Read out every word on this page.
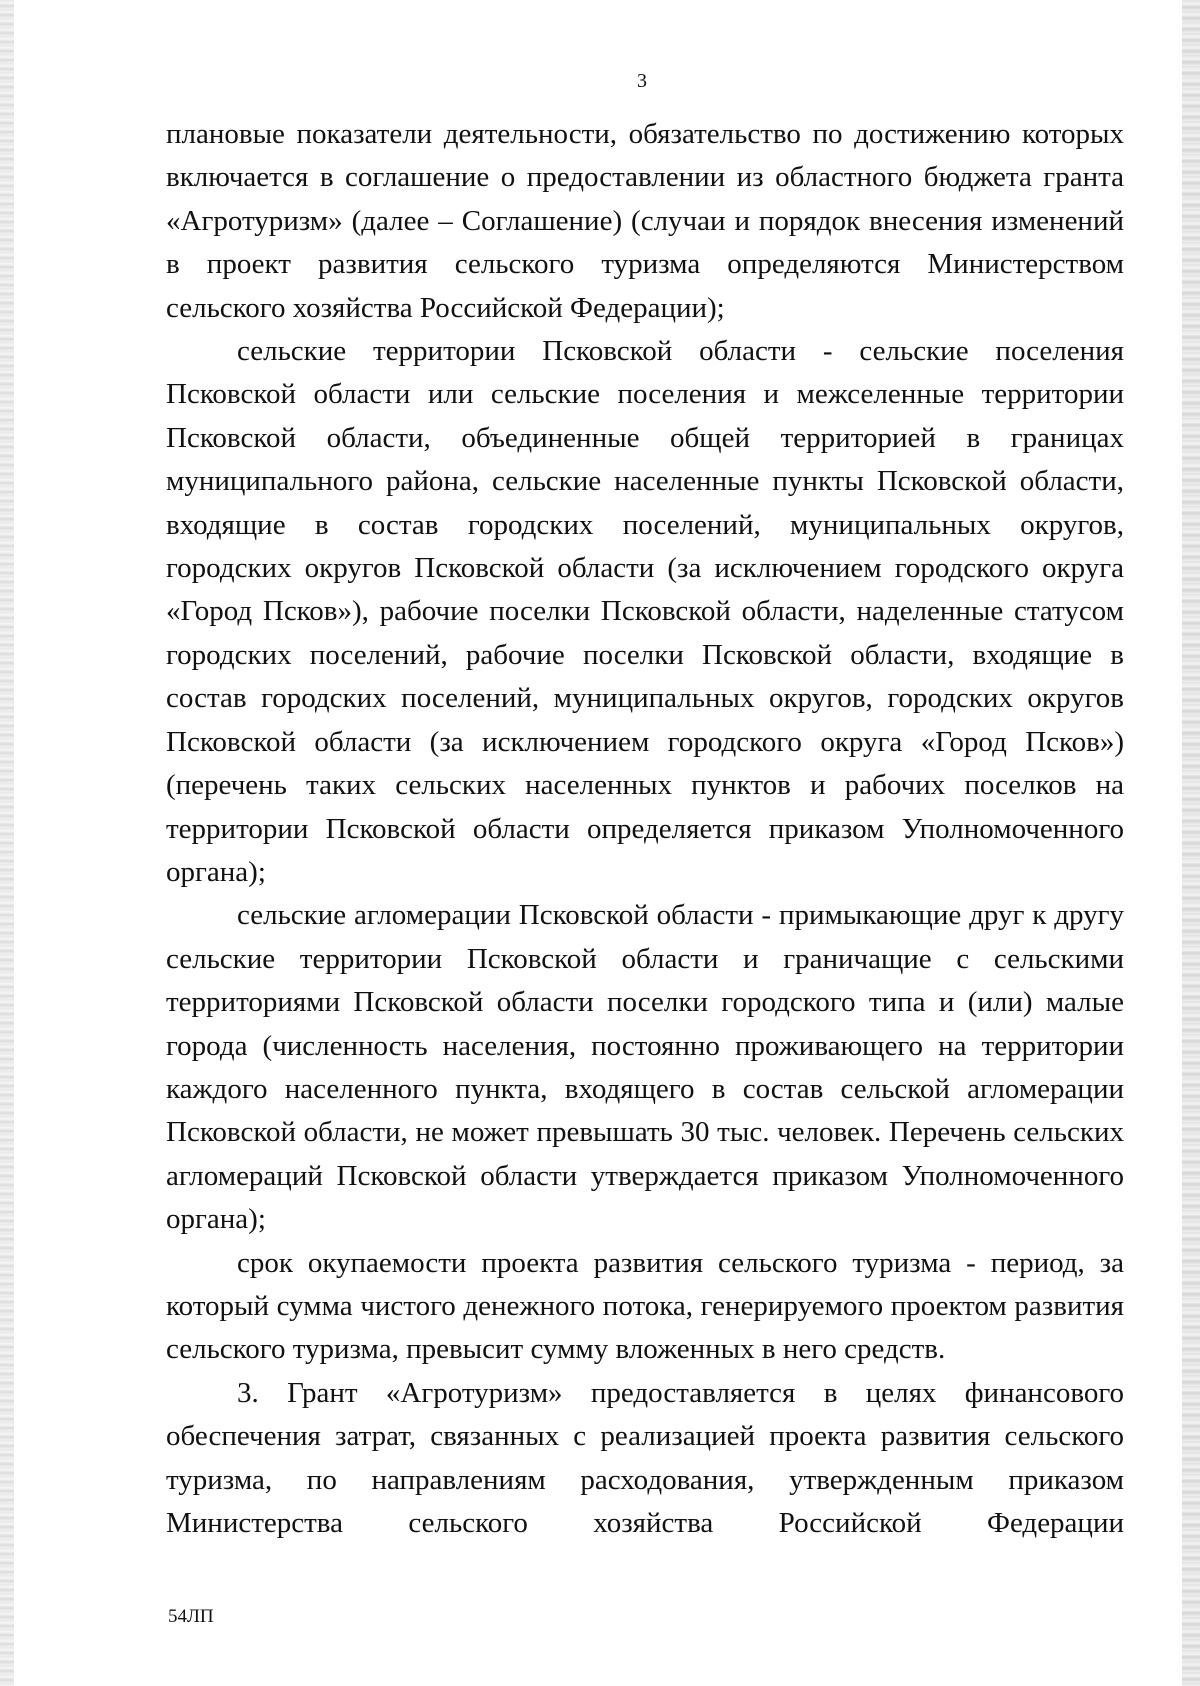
3

плановые показатели деятельности, обязательство по достижению которых включается в соглашение о предоставлении из областного бюджета гранта «Агротуризм» (далее – Соглашение) (случаи и порядок внесения изменений в проект развития сельского туризма определяются Министерством сельского хозяйства Российской Федерации);

сельские территории Псковской области - сельские поселения Псковской области или сельские поселения и межселенные территории Псковской области, объединенные общей территорией в границах муниципального района, сельские населенные пункты Псковской области, входящие в состав городских поселений, муниципальных округов, городских округов Псковской области (за исключением городского округа «Город Псков»), рабочие поселки Псковской области, наделенные статусом городских поселений, рабочие поселки Псковской области, входящие в состав городских поселений, муниципальных округов, городских округов Псковской области (за исключением городского округа «Город Псков») (перечень таких сельских населенных пунктов и рабочих поселков на территории Псковской области определяется приказом Уполномоченного органа);

сельские агломерации Псковской области - примыкающие друг к другу сельские территории Псковской области и граничащие с сельскими территориями Псковской области поселки городского типа и (или) малые города (численность населения, постоянно проживающего на территории каждого населенного пункта, входящего в состав сельской агломерации Псковской области, не может превышать 30 тыс. человек. Перечень сельских агломераций Псковской области утверждается приказом Уполномоченного органа);

срок окупаемости проекта развития сельского туризма - период, за который сумма чистого денежного потока, генерируемого проектом развития сельского туризма, превысит сумму вложенных в него средств.

3. Грант «Агротуризм» предоставляется в целях финансового обеспечения затрат, связанных с реализацией проекта развития сельского туризма, по направлениям расходования, утвержденным приказом Министерства сельского хозяйства Российской Федерации

54ЛП
